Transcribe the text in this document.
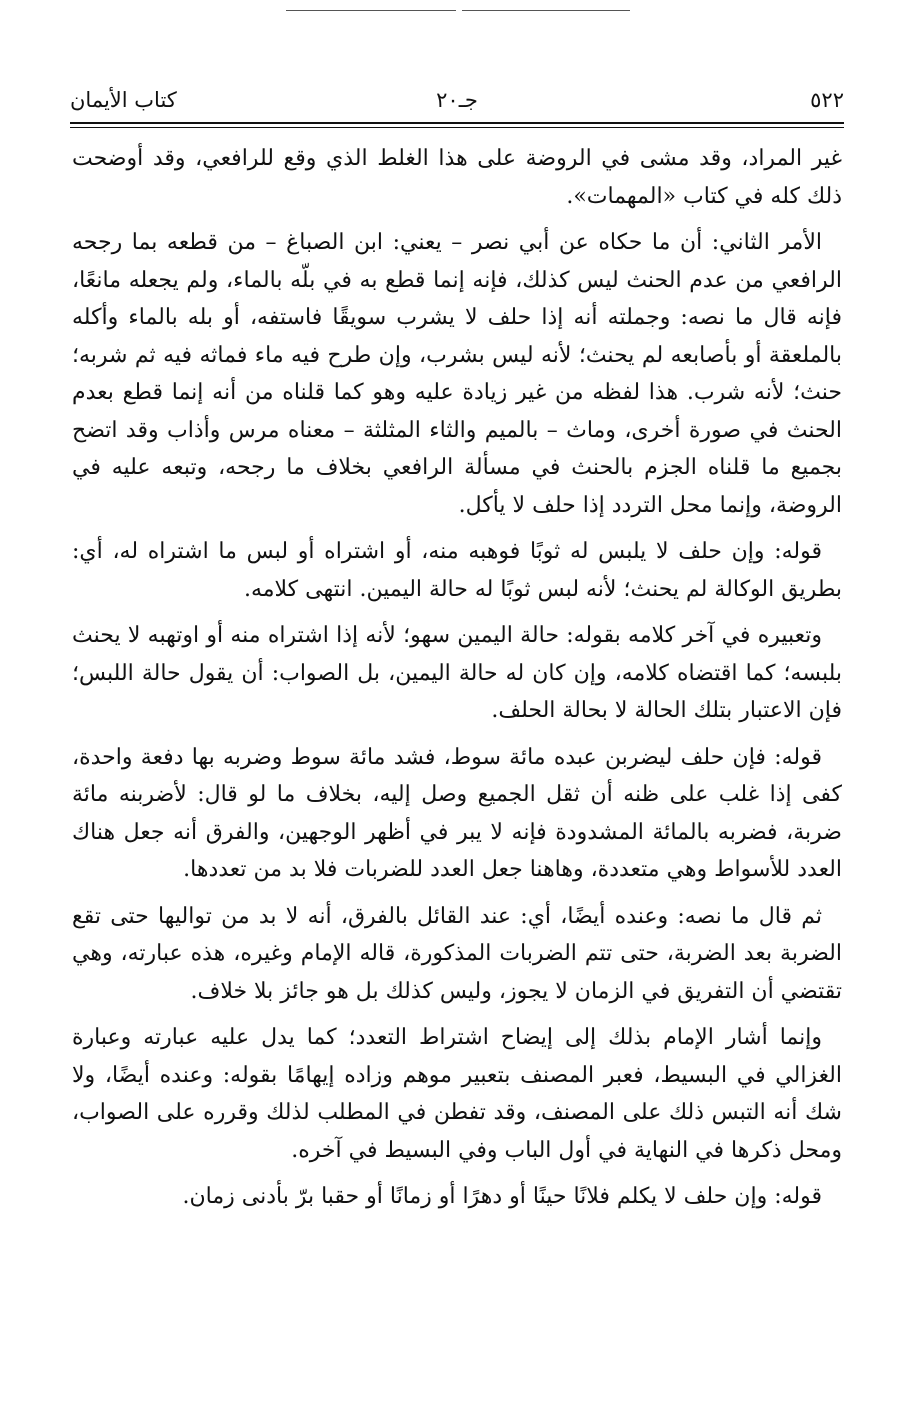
٥٢٢
جـ٢٠
كتاب الأيمان

غير المراد، وقد مشى في الروضة على هذا الغلط الذي وقع للرافعي، وقد أوضحت ذلك كله في كتاب «المهمات».

الأمر الثاني: أن ما حكاه عن أبي نصر – يعني: ابن الصباغ – من قطعه بما رجحه الرافعي من عدم الحنث ليس كذلك، فإنه إنما قطع به في بلّه بالماء، ولم يجعله مانعًا، فإنه قال ما نصه: وجملته أنه إذا حلف لا يشرب سويقًا فاستفه، أو بله بالماء وأكله بالملعقة أو بأصابعه لم يحنث؛ لأنه ليس بشرب، وإن طرح فيه ماء فماثه فيه ثم شربه؛ حنث؛ لأنه شرب. هذا لفظه من غير زيادة عليه وهو كما قلناه من أنه إنما قطع بعدم الحنث في صورة أخرى، وماث – بالميم والثاء المثلثة – معناه مرس وأذاب وقد اتضح بجميع ما قلناه الجزم بالحنث في مسألة الرافعي بخلاف ما رجحه، وتبعه عليه في الروضة، وإنما محل التردد إذا حلف لا يأكل.

قوله: وإن حلف لا يلبس له ثوبًا فوهبه منه، أو اشتراه أو لبس ما اشتراه له، أي: بطريق الوكالة لم يحنث؛ لأنه لبس ثوبًا له حالة اليمين. انتهى كلامه.

وتعبيره في آخر كلامه بقوله: حالة اليمين سهو؛ لأنه إذا اشتراه منه أو اوتهبه لا يحنث بلبسه؛ كما اقتضاه كلامه، وإن كان له حالة اليمين، بل الصواب: أن يقول حالة اللبس؛ فإن الاعتبار بتلك الحالة لا بحالة الحلف.

قوله: فإن حلف ليضربن عبده مائة سوط، فشد مائة سوط وضربه بها دفعة واحدة، كفى إذا غلب على ظنه أن ثقل الجميع وصل إليه، بخلاف ما لو قال: لأضربنه مائة ضربة، فضربه بالمائة المشدودة فإنه لا يبر في أظهر الوجهين، والفرق أنه جعل هناك العدد للأسواط وهي متعددة، وهاهنا جعل العدد للضربات فلا بد من تعددها.

ثم قال ما نصه: وعنده أيضًا، أي: عند القائل بالفرق، أنه لا بد من تواليها حتى تقع الضربة بعد الضربة، حتى تتم الضربات المذكورة، قاله الإمام وغيره، هذه عبارته، وهي تقتضي أن التفريق في الزمان لا يجوز، وليس كذلك بل هو جائز بلا خلاف.

وإنما أشار الإمام بذلك إلى إيضاح اشتراط التعدد؛ كما يدل عليه عبارته وعبارة الغزالي في البسيط، فعبر المصنف بتعبير موهم وزاده إيهامًا بقوله: وعنده أيضًا، ولا شك أنه التبس ذلك على المصنف، وقد تفطن في المطلب لذلك وقرره على الصواب، ومحل ذكرها في النهاية في أول الباب وفي البسيط في آخره.

قوله: وإن حلف لا يكلم فلانًا حينًا أو دهرًا أو زمانًا أو حقبا برّ بأدنى زمان.
